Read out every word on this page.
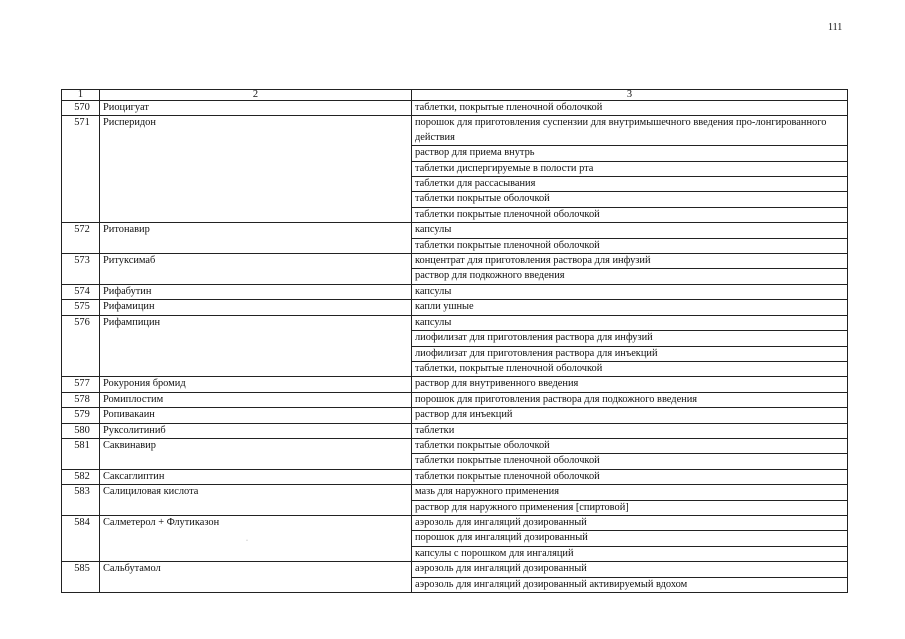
111
1	2	3
570	Риоцигуат	таблетки, покрытые пленочной оболочкой
571	Рисперидон	порошок для приготовления суспензии для внутримышечного введения про-лонгированного действия
		раствор для приема внутрь
		таблетки диспергируемые в полости рта
		таблетки для рассасывания
		таблетки покрытые оболочкой
		таблетки покрытые пленочной оболочкой
572	Ритонавир	капсулы
		таблетки покрытые пленочной оболочкой
573	Ритуксимаб	концентрат для приготовления раствора для инфузий
		раствор для подкожного введения
574	Рифабутин	капсулы
575	Рифамицин	капли ушные
576	Рифампицин	капсулы
		лиофилизат для приготовления раствора для инфузий
		лиофилизат для приготовления раствора для инъекций
		таблетки, покрытые пленочной оболочкой
577	Рокурония бромид	раствор для внутривенного введения
578	Ромиплостим	порошок для приготовления раствора для подкожного введения
579	Ропивакаин	раствор для инъекций
580	Руксолитиниб	таблетки
581	Саквинавир	таблетки покрытые оболочкой
		таблетки покрытые пленочной оболочкой
582	Саксаглиптин	таблетки покрытые пленочной оболочкой
583	Салициловая кислота	мазь для наружного применения
		раствор для наружного применения [спиртовой]
584	Салметерол + Флутиказон	аэрозоль для ингаляций дозированный
		порошок для ингаляций дозированный
		капсулы с порошком для ингаляций
585	Сальбутамол	аэрозоль для ингаляций дозированный
		аэрозоль для ингаляций дозированный активируемый вдохом
·
